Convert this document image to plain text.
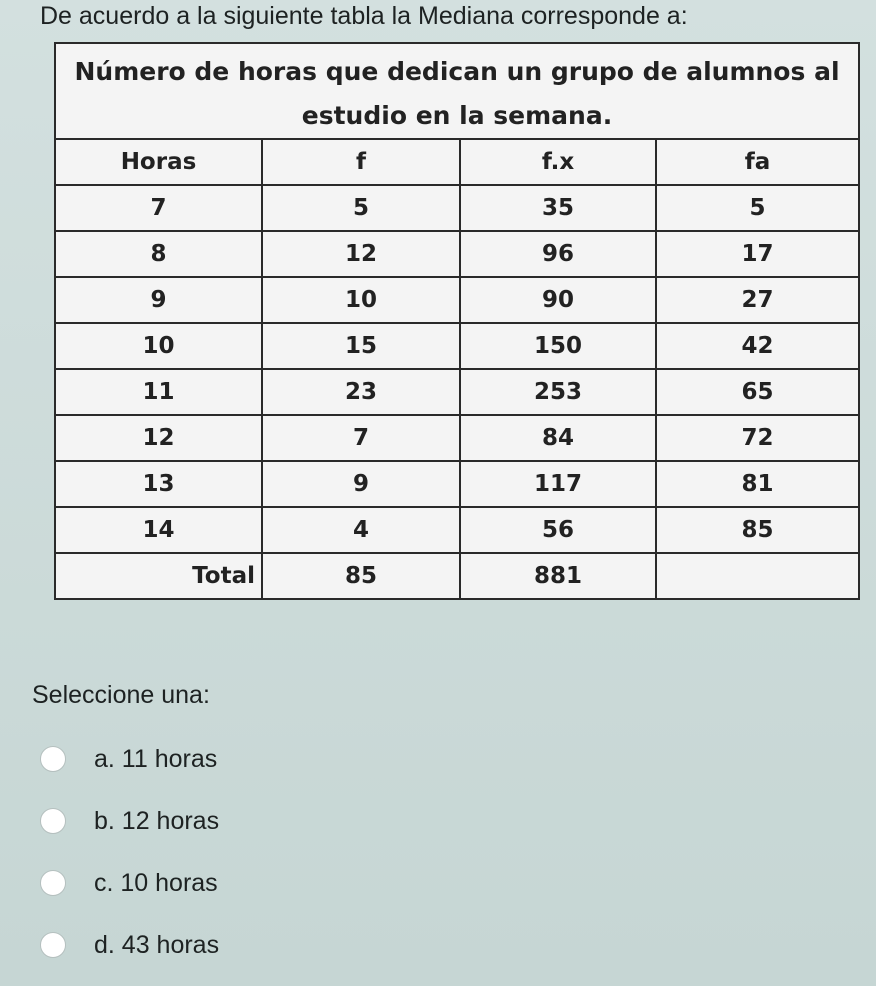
De acuerdo a la siguiente tabla la Mediana corresponde a:
Número de horas que dedican un grupo de alumnos al estudio en la semana.
Horas	f	f.x	fa
7	5	35	5
8	12	96	17
9	10	90	27
10	15	150	42
11	23	253	65
12	7	84	72
13	9	117	81
14	4	56	85
Total	85	881	
Seleccione una:
a. 11 horas
b. 12 horas
c. 10 horas
d. 43 horas
